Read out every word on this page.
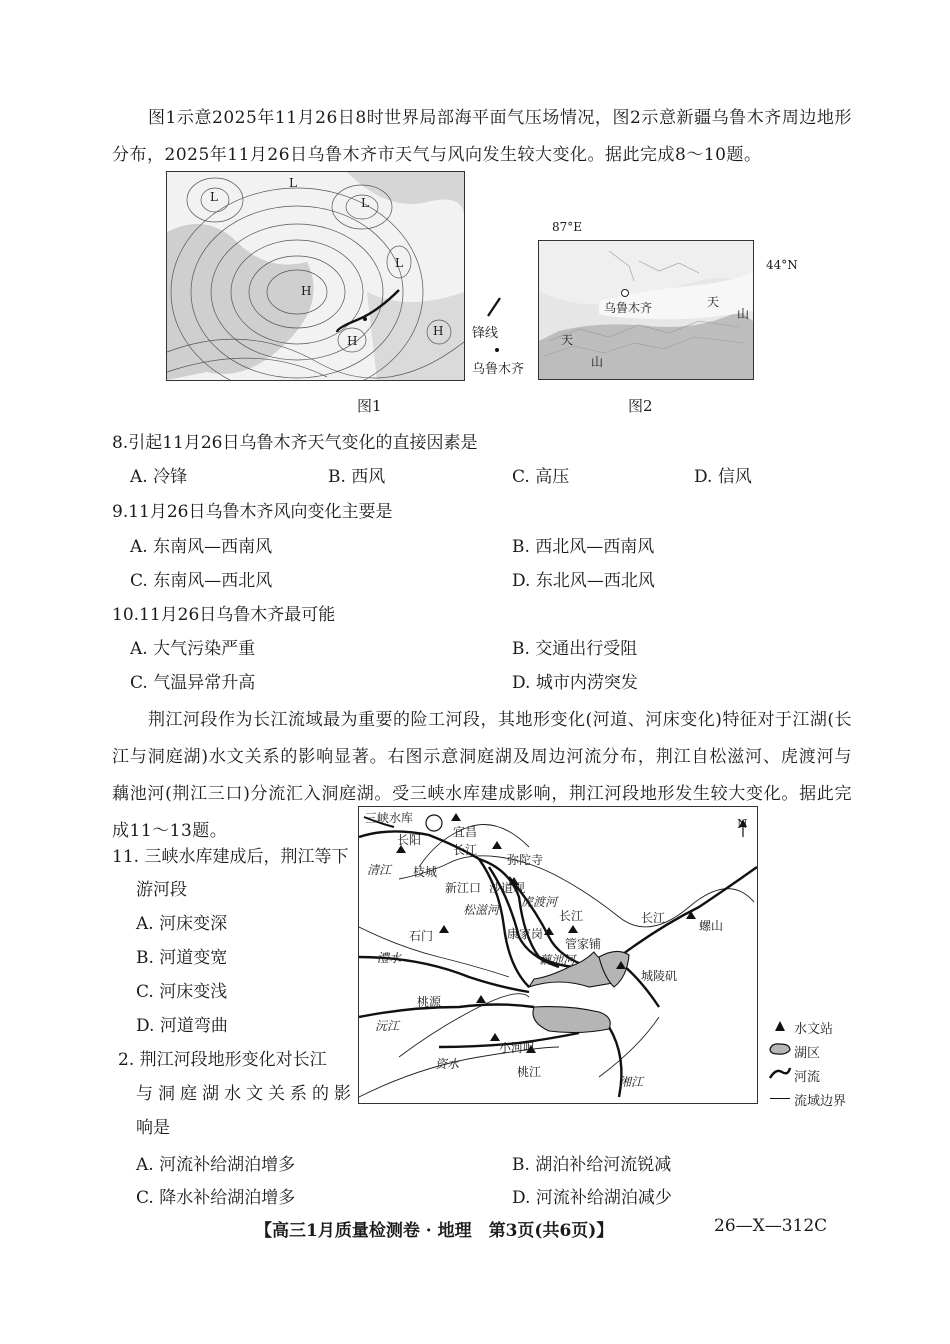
图1示意2025年11月26日8时世界局部海平面气压场情况，图2示意新疆乌鲁木齐周边地形分布，2025年11月26日乌鲁木齐市天气与风向发生较大变化。据此完成8～10题。
L
L
L
L
H
H
H 锋线
乌鲁木齐
图1
87°E
乌鲁木齐	天
山
天
山
44°N
图2
8.引起11月26日乌鲁木齐天气变化的直接因素是
A. 冷锋	B. 西风	C. 高压	D. 信风
9.11月26日乌鲁木齐风向变化主要是
A. 东南风—西南风	B. 西北风—西南风
C. 东南风—西北风	D. 东北风—西北风
10.11月26日乌鲁木齐最可能
A. 大气污染严重	B. 交通出行受阻
C. 气温异常升高	D. 城市内涝突发
荆江河段作为长江流域最为重要的险工河段，其地形变化(河道、河床变化)特征对于江湖(长江与洞庭湖)水文关系的影响显著。右图示意洞庭湖及周边河流分布，荆江自松滋河、虎渡河与藕池河(荆江三口)分流汇入洞庭湖。受三峡水库建成影响，荆江河段地形发生较大变化。据此完成11～13题。	N
三峡水库
宜昌
长阳
长江
清江 枝城
弥陀寺
新江口 沙道观
虎渡河
松滋河	长江	长江
螺山
石门	康家岗
管家铺
藕池河
澧水
城陵矶
桃源
沅江
小河咀
资水
桃江
湘江
水文站
湖区
河流
流域边界
11. 三峡水库建成后，荆江等下
游河段
A. 河床变深
B. 河道变宽
C. 河床变浅
D. 河道弯曲
2. 荆江河段地形变化对长江
与洞庭湖水文关系的影
响是
A. 河流补给湖泊增多	B. 湖泊补给河流锐减
C. 降水补给湖泊增多	D. 河流补给湖泊减少
【高三1月质量检测卷 · 地理　第3页(共6页)】	26—X—312C
